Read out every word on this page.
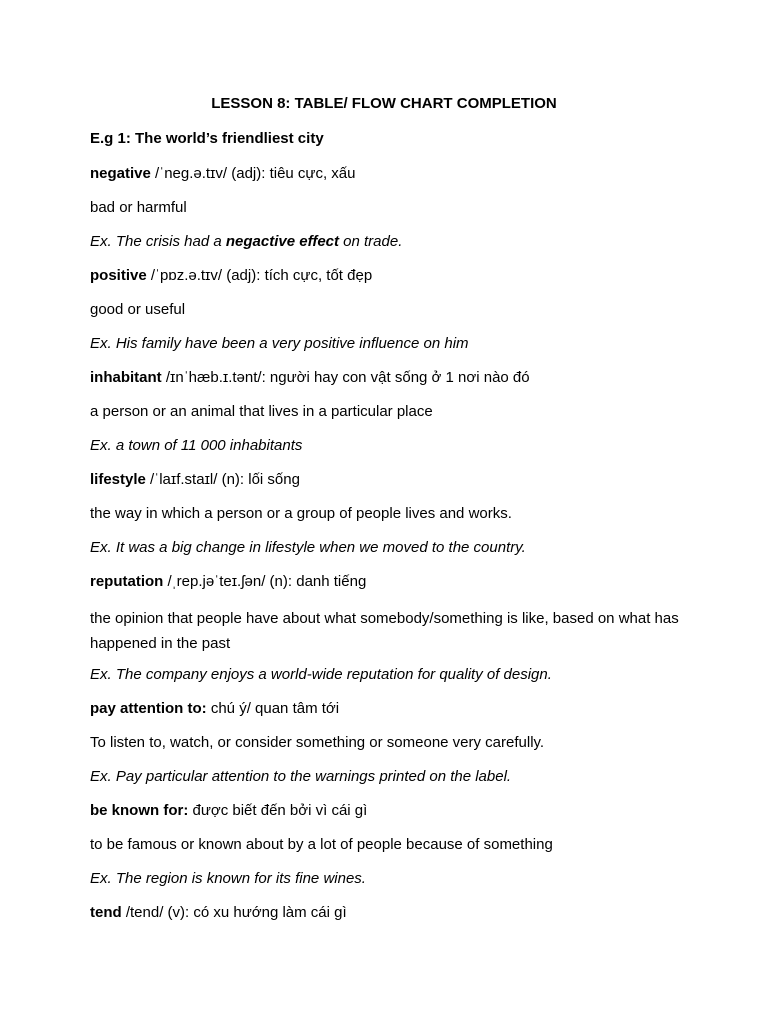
LESSON 8: TABLE/ FLOW CHART COMPLETION
E.g 1: The world’s friendliest city

negative /ˈneg.ə.tɪv/ (adj): tiêu cực, xấu

bad or harmful

Ex. The crisis had a negactive effect on trade.

positive /ˈpɒz.ə.tɪv/ (adj): tích cực, tốt đẹp

good or useful

Ex. His family have been a very positive influence on him

inhabitant /ɪnˈhæb.ɪ.tənt/: người hay con vật sống ở 1 nơi nào đó

a person or an animal that lives in a particular place

Ex. a town of 11 000 inhabitants

lifestyle /ˈlaɪf.staɪl/ (n): lối sống

the way in which a person or a group of people lives and works.

Ex. It was a big change in lifestyle when we moved to the country.

reputation /ˌrep.jəˈteɪ.ʃən/ (n): danh tiếng

the opinion that people have about what somebody/something is like, based on what has happened in the past

Ex. The company enjoys a world-wide reputation for quality of design.

pay attention to: chú ý/ quan tâm tới

To listen to, watch, or consider something or someone very carefully.

Ex. Pay particular attention to the warnings printed on the label.

be known for: được biết đến bởi vì cái gì

to be famous or known about by a lot of people because of something

Ex. The region is known for its fine wines.

tend /tend/ (v): có xu hướng làm cái gì
